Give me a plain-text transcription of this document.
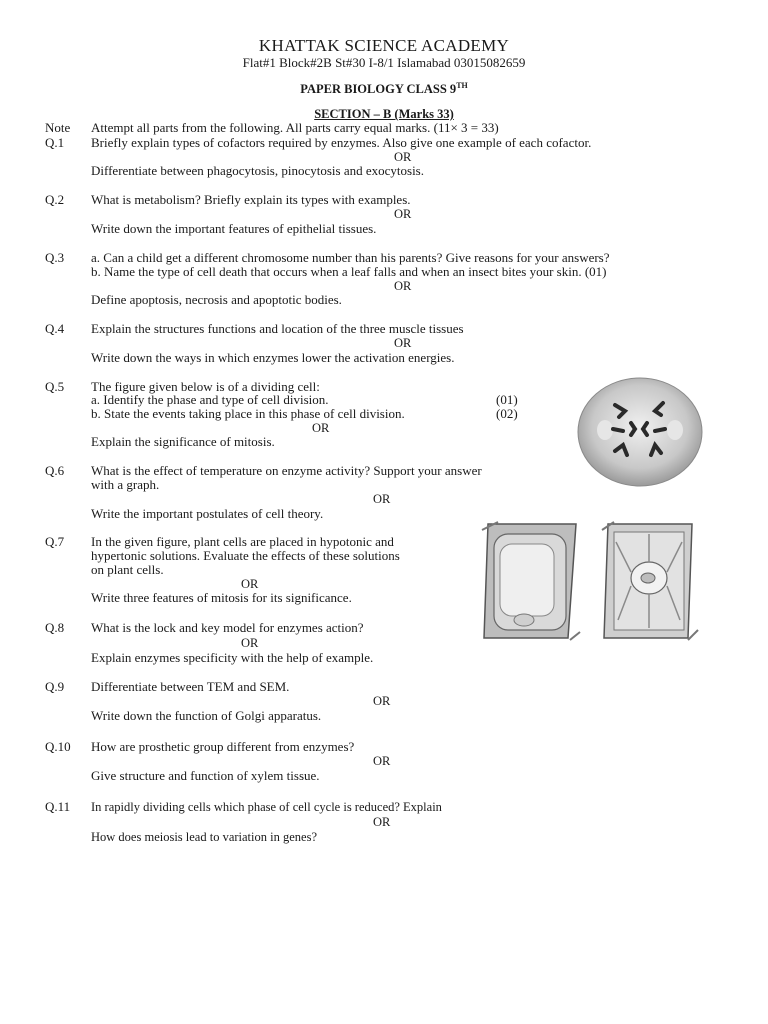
KHATTAK SCIENCE ACADEMY
Flat#1 Block#2B St#30 I-8/1 Islamabad 03015082659
PAPER BIOLOGY CLASS 9TH
SECTION – B (Marks 33)
Note Attempt all parts from the following. All parts carry equal marks. (11× 3 = 33)
Q.1 Briefly explain types of cofactors required by enzymes. Also give one example of each cofactor.
OR
Differentiate between phagocytosis, pinocytosis and exocytosis.
Q.2 What is metabolism? Briefly explain its types with examples.
OR
Write down the important features of epithelial tissues.
Q.3 a. Can a child get a different chromosome number than his parents? Give reasons for your answers?
b. Name the type of cell death that occurs when a leaf falls and when an insect bites your skin. (01)
OR
Define apoptosis, necrosis and apoptotic bodies.
Q.4 Explain the structures functions and location of the three muscle tissues
OR
Write down the ways in which enzymes lower the activation energies.
Q.5 The figure given below is of a dividing cell:
a. Identify the phase and type of cell division.	(01)
b. State the events taking place in this phase of cell division.	(02)
OR
Explain the significance of mitosis.
Q.6 What is the effect of temperature on enzyme activity? Support your answer
with a graph.
OR
Write the important postulates of cell theory.
Q.7 In the given figure, plant cells are placed in hypotonic and
hypertonic solutions. Evaluate the effects of these solutions
on plant cells.
OR
Write three features of mitosis for its significance.
Q.8 What is the lock and key model for enzymes action?
OR
Explain enzymes specificity with the help of example.
Q.9 Differentiate between TEM and SEM.
OR
Write down the function of Golgi apparatus.
Q.10 How are prosthetic group different from enzymes?
OR
Give structure and function of xylem tissue.
Q.11 In rapidly dividing cells which phase of cell cycle is reduced? Explain
OR
How does meiosis lead to variation in genes?
